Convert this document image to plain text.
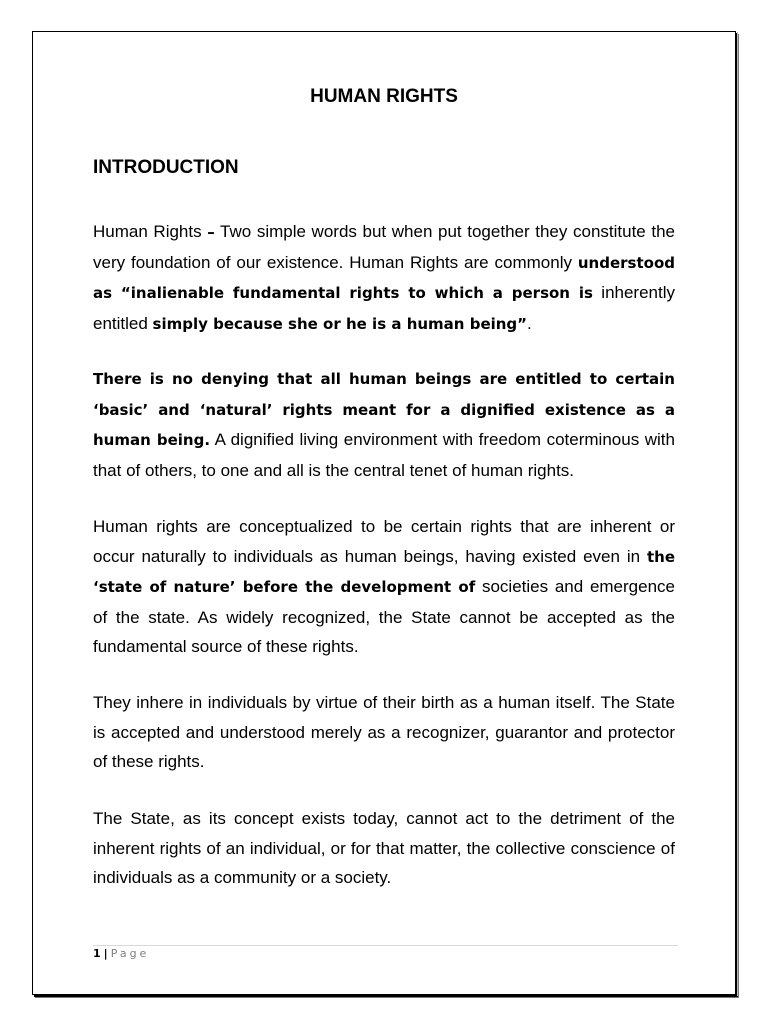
HUMAN RIGHTS
INTRODUCTION

Human Rights – Two simple words but when put together they constitute the very foundation of our existence. Human Rights are commonly understood as “inalienable fundamental rights to which a person is inherently entitled simply because she or he is a human being”.

There is no denying that all human beings are entitled to certain ‘basic’ and ‘natural’ rights meant for a dignified existence as a human being. A dignified living environment with freedom coterminous with that of others, to one and all is the central tenet of human rights.

Human rights are conceptualized to be certain rights that are inherent or occur naturally to individuals as human beings, having existed even in the ‘state of nature’ before the development of societies and emergence of the state. As widely recognized, the State cannot be accepted as the fundamental source of these rights.

They inhere in individuals by virtue of their birth as a human itself. The State is accepted and understood merely as a recognizer, guarantor and protector of these rights.

The State, as its concept exists today, cannot act to the detriment of the inherent rights of an individual, or for that matter, the collective conscience of individuals as a community or a society.

1 | Page
